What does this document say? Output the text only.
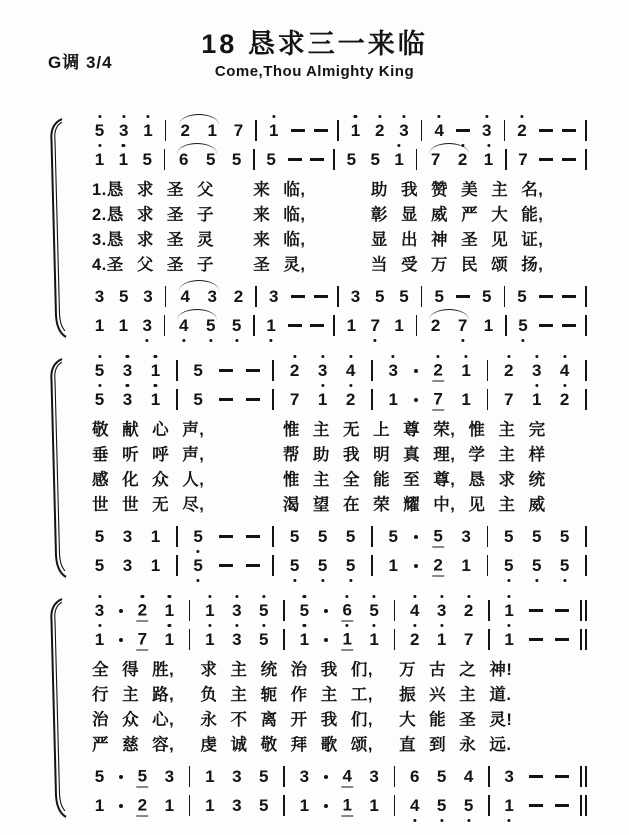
G调 3/4
18 恳求三一来临
Come,Thou Almighty King
5 3 1 2 1 7 1	1 2 3 4 3 2
1 1 5 6 5 5 5	5 5 1 7 2 1 7
1.恳 求 圣 父   来 临,     助 我 赞 美 主 名,
2.恳 求 圣 子   来 临,     彰 显 威 严 大 能,
3.恳 求 圣 灵   来 临,     显 出 神 圣 见 证,
4.圣 父 圣 子   圣 灵,     当 受 万 民 颂 扬,
3 5 3 4 3 2 3	3 5 5 5 5 5
1 1 3 4 5 5 1	1 7 1 2 7 1 5
5 3 1 5	2 3 4 3 2 1 2 3 4
5 3 1 5	7 1 2 1 7 1 7 1 2
敬 献 心 声,      惟 主 无 上 尊 荣, 惟 主 完
垂 听 呼 声,      帮 助 我 明 真 理, 学 主 样
感 化 众 人,      惟 主 全 能 至 尊, 恳 求 统
世 世 无 尽,      渴 望 在 荣 耀 中, 见 主 威
5 3 1 5	5 5 5 5 5 3 5 5 5
5 3 1 5	5 5 5 1 2 1 5 5 5
3 2 1 1 3 5 5 6 5 4 3 2 1
1 7 1 1 3 5 1 1 1 2 1 7 1
全 得 胜,  求 主 统 治 我 们,  万 古 之 神!
行 主 路,  负 主 轭 作 主 工,  振 兴 主 道.
治 众 心,  永 不 离 开 我 们,  大 能 圣 灵!
严 慈 容,  虔 诚 敬 拜 歌 颂,  直 到 永 远.
5 5 3 1 3 5 3 4 3 6 5 4 3
1 2 1 1 3 5 1 1 1 4 5 5 1
